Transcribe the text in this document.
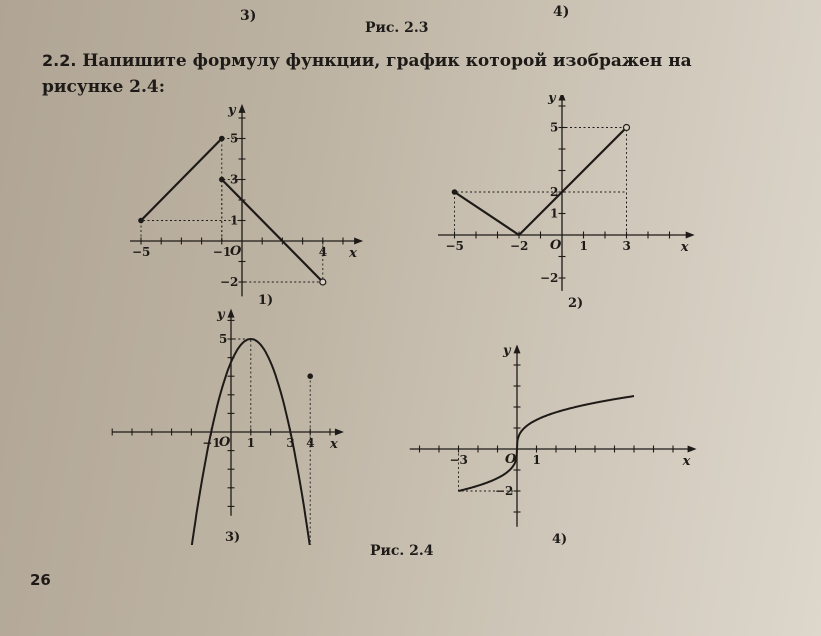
3)	4)
Рис. 2.3
2.2. Напишите формулу функции, график которой изображен на рисунке 2.4:
x
y
O
−5	−1	4
5
3
1
−2
1)
x
y
O
−5	−2	1	3
5
2
1
−2
2)
x
y
O
−1 1	3 4
5
3)
x
y
O
−3	1
−2
4)
Рис. 2.4
26
